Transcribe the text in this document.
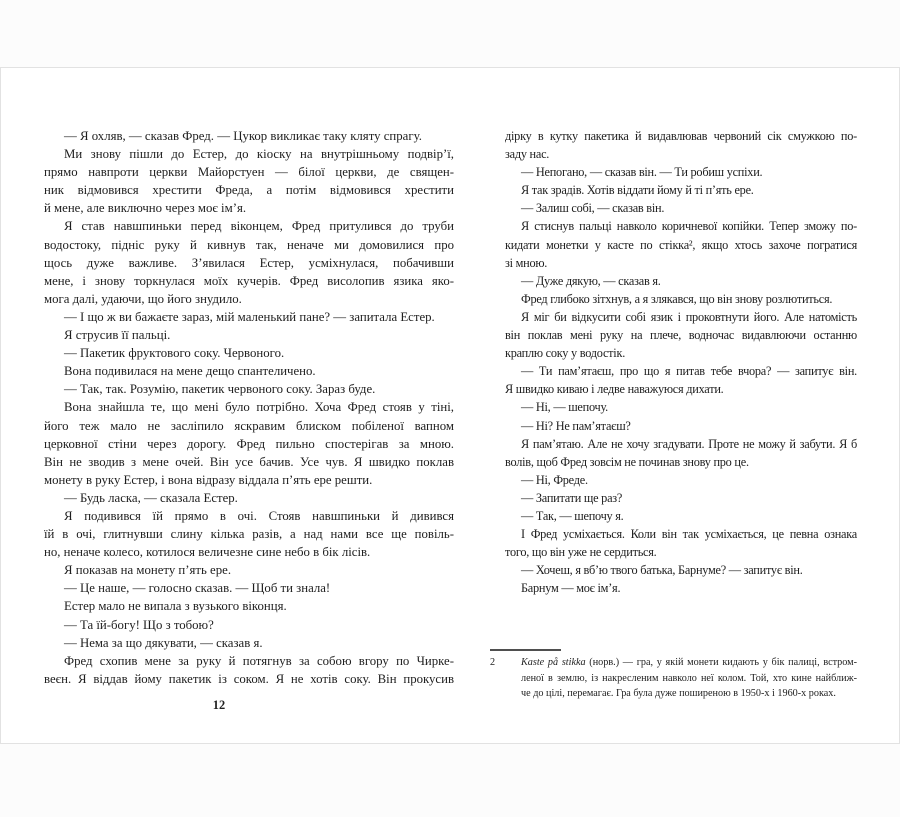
— Я охляв, — сказав Фред. — Цукор викликає таку кляту спрагу.
Ми знову пішли до Естер, до кіоску на внутрішньому подвір’ї,
прямо навпроти церкви Майорстуен — білої церкви, де священ-
ник відмовився хрестити Фреда, а потім відмовився хрестити
й мене, але виключно через моє ім’я.
Я став навшпиньки перед віконцем, Фред притулився до труби
водостоку, підніс руку й кивнув так, неначе ми домовилися про
щось дуже важливе. З’явилася Естер, усміхнулася, побачивши
мене, і знову торкнулася моїх кучерів. Фред висолопив язика яко-
мога далі, удаючи, що його знудило.
— І що ж ви бажаєте зараз, мій маленький пане? — запитала Естер.
Я струсив її пальці.
— Пакетик фруктового соку. Червоного.
Вона подивилася на мене дещо спантеличено.
— Так, так. Розумію, пакетик червоного соку. Зараз буде.
Вона знайшла те, що мені було потрібно. Хоча Фред стояв у тіні,
його теж мало не засліпило яскравим блиском побіленої вапном
церковної стіни через дорогу. Фред пильно спостерігав за мною.
Він не зводив з мене очей. Він усе бачив. Усе чув. Я швидко поклав
монету в руку Естер, і вона відразу віддала п’ять ере решти.
— Будь ласка, — сказала Естер.
Я подивився їй прямо в очі. Стояв навшпиньки й дивився
їй в очі, глитнувши слину кілька разів, а над нами все ще повіль-
но, неначе колесо, котилося величезне сине небо в бік лісів.
Я показав на монету п’ять ере.
— Це наше, — голосно сказав. — Щоб ти знала!
Естер мало не випала з вузького віконця.
— Та їй-богу! Що з тобою?
— Нема за що дякувати, — сказав я.
Фред схопив мене за руку й потягнув за собою вгору по Чирке-
веєн. Я віддав йому пакетик із соком. Я не хотів соку. Він прокусив
дірку в кутку пакетика й видавлював червоний сік смужкою по-
заду нас.
— Непогано, — сказав він. — Ти робиш успіхи.
Я так зрадів. Хотів віддати йому й ті п’ять ере.
— Залиш собі, — сказав він.
Я стиснув пальці навколо коричневої копійки. Тепер зможу по-
кидати монетки у касте по стікка², якщо хтось захоче погратися
зі мною.
— Дуже дякую, — сказав я.
Фред глибоко зітхнув, а я злякався, що він знову розлютиться.
Я міг би відкусити собі язик і проковтнути його. Але натомість
він поклав мені руку на плече, водночас видавлюючи останню
краплю соку у водостік.
— Ти пам’ятаєш, про що я питав тебе вчора? — запитує він.
Я швидко киваю і ледве наважуюся дихати.
— Ні, — шепочу.
— Ні? Не пам’ятаєш?
Я пам’ятаю. Але не хочу згадувати. Проте не можу й забути. Я б
волів, щоб Фред зовсім не починав знову про це.
— Ні, Фреде.
— Запитати ще раз?
— Так, — шепочу я.
І Фред усміхається. Коли він так усміхається, це певна ознака
того, що він уже не сердиться.
— Хочеш, я вб’ю твого батька, Барнуме? — запитує він.
Барнум — моє ім’я.
12
2	Kaste på stikka (норв.) — гра, у якій монети кидають у бік палиці, встром-
леної в землю, із накресленим навколо неї колом. Той, хто кине найближ-
че до цілі, перемагає. Гра була дуже поширеною в 1950-х і 1960-х роках.
